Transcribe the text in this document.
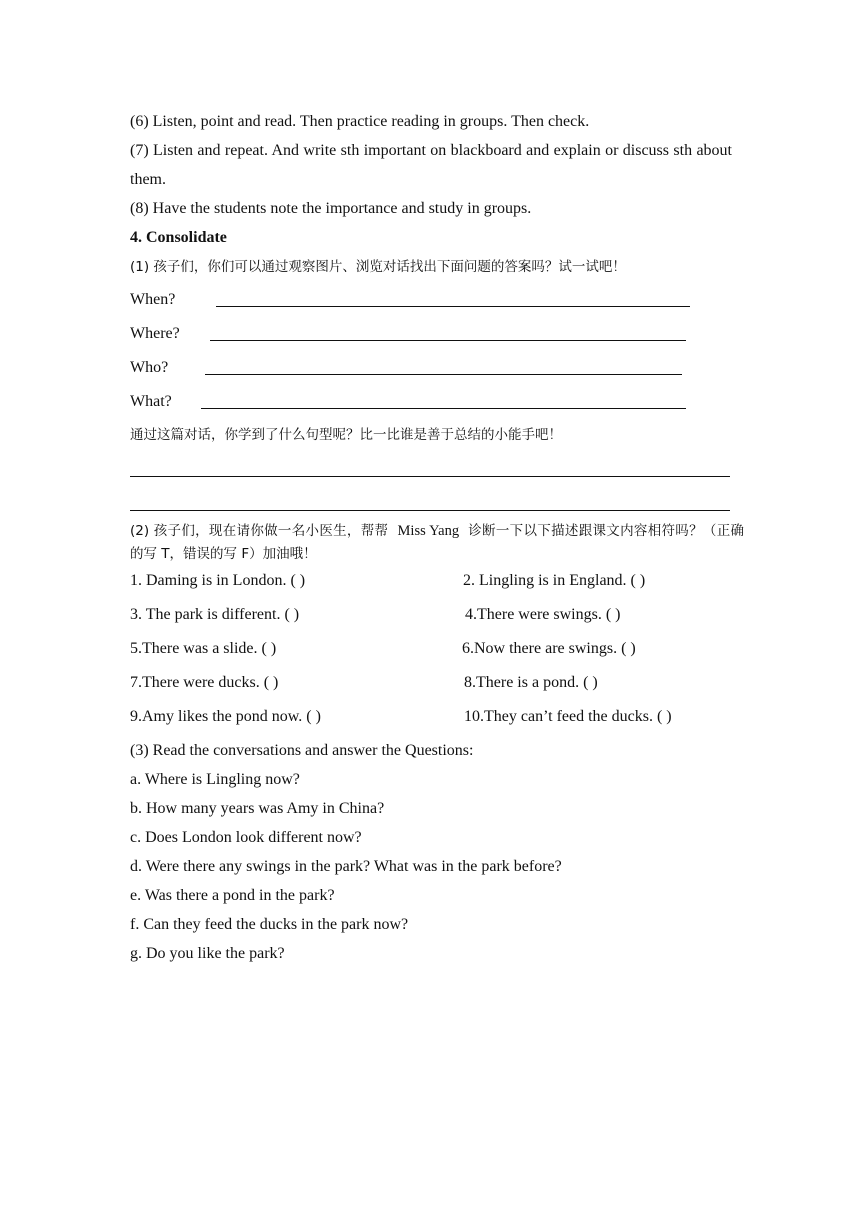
(6) Listen, point and read. Then practice reading in groups. Then check.
(7) Listen and repeat. And write sth important on blackboard and explain or discuss sth about them.
(8) Have the students note the importance and study in groups.
4. Consolidate
(1) 孩子们，你们可以通过观察图片、浏览对话找出下面问题的答案吗？试一试吧！
When?
Where?
Who?
What?
通过这篇对话，你学到了什么句型呢？比一比谁是善于总结的小能手吧！
(2) 孩子们，现在请你做一名小医生，帮帮 Miss Yang 诊断一下以下描述跟课文内容相符吗？（正确的写 T，错误的写 F）加油哦！
1. Daming is in London. ( )	2. Lingling is in England. ( )
3. The park is different. ( )	4.There were swings. ( )
5.There was a slide. ( )	6.Now there are swings. ( )
7.There were ducks. ( )	8.There is a pond. ( )
9.Amy likes the pond now. ( )	10.They can’t feed the ducks. ( )
(3) Read the conversations and answer the Questions:
a. Where is Lingling now?
b. How many years was Amy in China?
c. Does London look different now?
d. Were there any swings in the park? What was in the park before?
e. Was there a pond in the park?
f. Can they feed the ducks in the park now?
g. Do you like the park?
